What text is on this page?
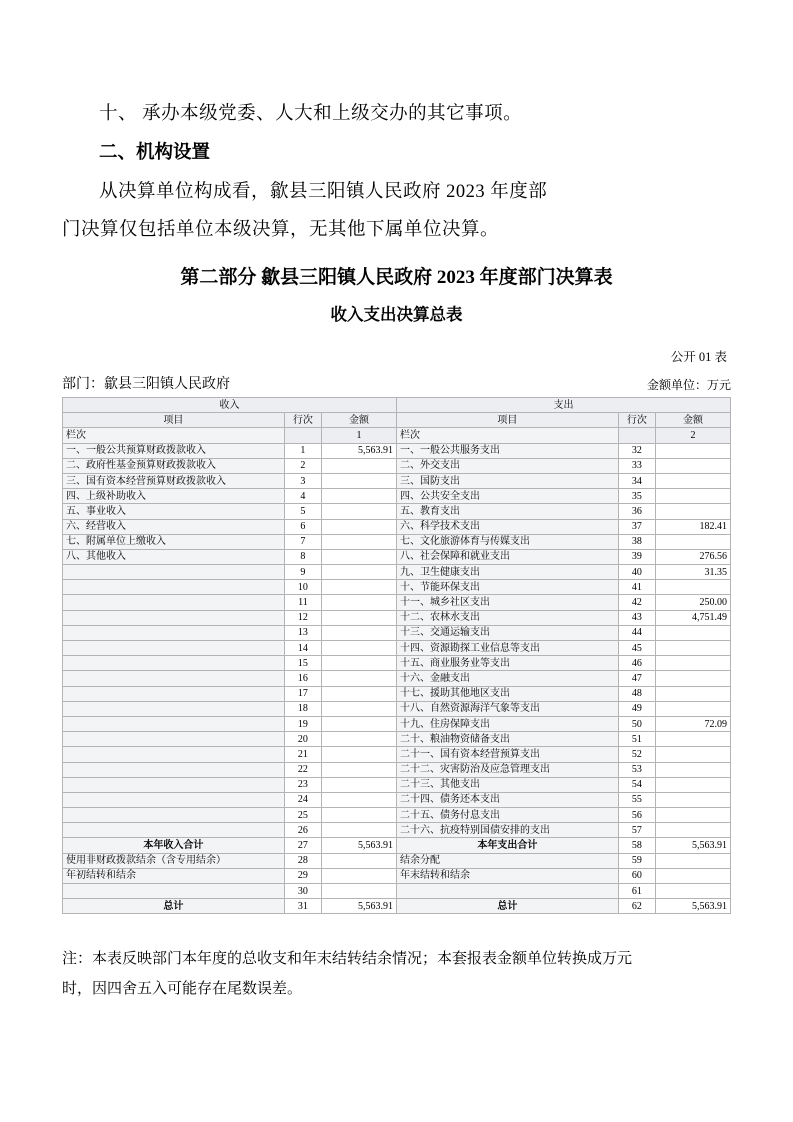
十、 承办本级党委、人大和上级交办的其它事项。
二、机构设置
从决算单位构成看，歙县三阳镇人民政府 2023 年度部
门决算仅包括单位本级决算，无其他下属单位决算。
第二部分 歙县三阳镇人民政府 2023 年度部门决算表
收入支出决算总表
公开 01 表
部门：歙县三阳镇人民政府	金额单位：万元
收入			支出		
项目	行次	金额	项目	行次	金额
栏次		1	栏次		2
一、一般公共预算财政拨款收入	1	5,563.91	一、一般公共服务支出	32	
二、政府性基金预算财政拨款收入	2		二、外交支出	33	
三、国有资本经营预算财政拨款收入	3		三、国防支出	34	
四、上级补助收入	4		四、公共安全支出	35	
五、事业收入	5		五、教育支出	36	
六、经营收入	6		六、科学技术支出	37	182.41
七、附属单位上缴收入	7		七、文化旅游体育与传媒支出	38	
八、其他收入	8		八、社会保障和就业支出	39	276.56
	9		九、卫生健康支出	40	31.35
	10		十、节能环保支出	41	
	11		十一、城乡社区支出	42	250.00
	12		十二、农林水支出	43	4,751.49
	13		十三、交通运输支出	44	
	14		十四、资源勘探工业信息等支出	45	
	15		十五、商业服务业等支出	46	
	16		十六、金融支出	47	
	17		十七、援助其他地区支出	48	
	18		十八、自然资源海洋气象等支出	49	
	19		十九、住房保障支出	50	72.09
	20		二十、粮油物资储备支出	51	
	21		二十一、国有资本经营预算支出	52	
	22		二十二、灾害防治及应急管理支出	53	
	23		二十三、其他支出	54	
	24		二十四、债务还本支出	55	
	25		二十五、债务付息支出	56	
	26		二十六、抗疫特别国债安排的支出	57	
本年收入合计	27	5,563.91	本年支出合计	58	5,563.91
使用非财政拨款结余（含专用结余）	28		结余分配	59	
年初结转和结余	29		年末结转和结余	60	
	30			61	
总计	31	5,563.91	总计	62	5,563.91
注：本表反映部门本年度的总收支和年末结转结余情况；本套报表金额单位转换成万元
时，因四舍五入可能存在尾数误差。
